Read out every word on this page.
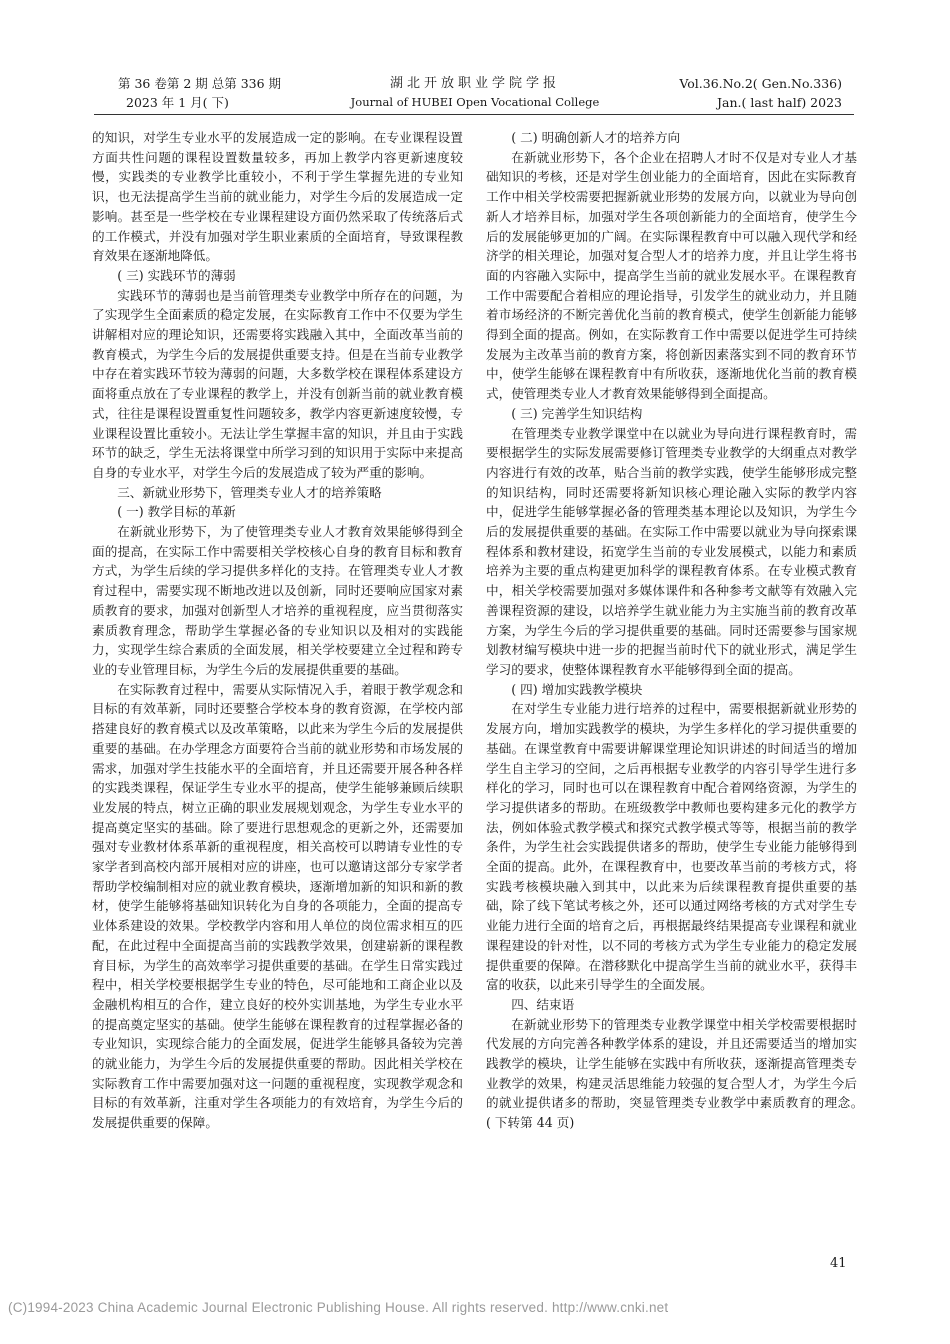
第 36 卷第 2 期 总第 336 期
2023 年 1 月( 下)
湖北开放职业学院学报
Journal of HUBEI Open Vocational College
Vol.36.No.2( Gen.No.336)
Jan.( last half) 2023

的知识，对学生专业水平的发展造成一定的影响。在专业课程设置方面共性问题的课程设置数量较多，再加上教学内容更新速度较慢，实践类的专业教学比重较小，不利于学生掌握先进的专业知识，也无法提高学生当前的就业能力，对学生今后的发展造成一定影响。甚至是一些学校在专业课程建设方面仍然采取了传统落后式的工作模式，并没有加强对学生职业素质的全面培育，导致课程教育效果在逐渐地降低。

( 三) 实践环节的薄弱

实践环节的薄弱也是当前管理类专业教学中所存在的问题，为了实现学生全面素质的稳定发展，在实际教育工作中不仅要为学生讲解相对应的理论知识，还需要将实践融入其中，全面改革当前的教育模式，为学生今后的发展提供重要支持。但是在当前专业教学中存在着实践环节较为薄弱的问题，大多数学校在课程体系建设方面将重点放在了专业课程的教学上，并没有创新当前的就业教育模式，往往是课程设置重复性问题较多，教学内容更新速度较慢，专业课程设置比重较小。无法让学生掌握丰富的知识，并且由于实践环节的缺乏，学生无法将课堂中所学习到的知识用于实际中来提高自身的专业水平，对学生今后的发展造成了较为严重的影响。

三、新就业形势下，管理类专业人才的培养策略

( 一) 教学目标的革新

在新就业形势下，为了使管理类专业人才教育效果能够得到全面的提高，在实际工作中需要相关学校核心自身的教育目标和教育方式，为学生后续的学习提供多样化的支持。在管理类专业人才教育过程中，需要实现不断地改进以及创新，同时还要响应国家对素质教育的要求，加强对创新型人才培养的重视程度，应当贯彻落实素质教育理念，帮助学生掌握必备的专业知识以及相对的实践能力，实现学生综合素质的全面发展，相关学校要建立全过程和跨专业的专业管理目标，为学生今后的发展提供重要的基础。

在实际教育过程中，需要从实际情况入手，着眼于教学观念和目标的有效革新，同时还要整合学校本身的教育资源，在学校内部搭建良好的教育模式以及改革策略，以此来为学生今后的发展提供重要的基础。在办学理念方面要符合当前的就业形势和市场发展的需求，加强对学生技能水平的全面培育，并且还需要开展各种各样的实践类课程，保证学生专业水平的提高，使学生能够兼顾后续职业发展的特点，树立正确的职业发展规划观念，为学生专业水平的提高奠定坚实的基础。除了要进行思想观念的更新之外，还需要加强对专业教材体系革新的重视程度，相关高校可以聘请专业性的专家学者到高校内部开展相对应的讲座，也可以邀请这部分专家学者帮助学校编制相对应的就业教育模块，逐渐增加新的知识和新的教材，使学生能够将基础知识转化为自身的各项能力，全面的提高专业体系建设的效果。学校教学内容和用人单位的岗位需求相互的匹配，在此过程中全面提高当前的实践教学效果，创建崭新的课程教育目标，为学生的高效率学习提供重要的基础。在学生日常实践过程中，相关学校要根据学生专业的特色，尽可能地和工商企业以及金融机构相互的合作，建立良好的校外实训基地，为学生专业水平的提高奠定坚实的基础。使学生能够在课程教育的过程掌握必备的专业知识，实现综合能力的全面发展，促进学生能够具备较为完善的就业能力，为学生今后的发展提供重要的帮助。因此相关学校在实际教育工作中需要加强对这一问题的重视程度，实现教学观念和目标的有效革新，注重对学生各项能力的有效培育，为学生今后的发展提供重要的保障。

( 二) 明确创新人才的培养方向

在新就业形势下，各个企业在招聘人才时不仅是对专业人才基础知识的考核，还是对学生创业能力的全面培育，因此在实际教育工作中相关学校需要把握新就业形势的发展方向，以就业为导向创新人才培养目标，加强对学生各项创新能力的全面培育，使学生今后的发展能够更加的广阔。在实际课程教育中可以融入现代学和经济学的相关理论，加强对复合型人才的培养力度，并且让学生将书面的内容融入实际中，提高学生当前的就业发展水平。在课程教育工作中需要配合着相应的理论指导，引发学生的就业动力，并且随着市场经济的不断完善优化当前的教育模式，使学生创新能力能够得到全面的提高。例如，在实际教育工作中需要以促进学生可持续发展为主改革当前的教育方案，将创新因素落实到不同的教育环节中，使学生能够在课程教育中有所收获，逐渐地优化当前的教育模式，使管理类专业人才教育效果能够得到全面提高。

( 三) 完善学生知识结构

在管理类专业教学课堂中在以就业为导向进行课程教育时，需要根据学生的实际发展需要修订管理类专业教学的大纲重点对教学内容进行有效的改革，贴合当前的教学实践，使学生能够形成完整的知识结构，同时还需要将新知识核心理论融入实际的教学内容中，促进学生能够掌握必备的管理类基本理论以及知识，为学生今后的发展提供重要的基础。在实际工作中需要以就业为导向探索课程体系和教材建设，拓宽学生当前的专业发展模式，以能力和素质培养为主要的重点构建更加科学的课程教育体系。在专业模式教育中，相关学校需要加强对多媒体课件和各种参考文献等有效融入完善课程资源的建设，以培养学生就业能力为主实施当前的教育改革方案，为学生今后的学习提供重要的基础。同时还需要参与国家规划教材编写模块中进一步的把握当前时代下的就业形式，满足学生学习的要求，使整体课程教育水平能够得到全面的提高。

( 四) 增加实践教学模块

在对学生专业能力进行培养的过程中，需要根据新就业形势的发展方向，增加实践教学的模块，为学生多样化的学习提供重要的基础。在课堂教育中需要讲解课堂理论知识讲述的时间适当的增加学生自主学习的空间，之后再根据专业教学的内容引导学生进行多样化的学习，同时也可以在课程教育中配合着网络资源，为学生的学习提供诸多的帮助。在班级教学中教师也要构建多元化的教学方法，例如体验式教学模式和探究式教学模式等等，根据当前的教学条件，为学生社会实践提供诸多的帮助，使学生专业能力能够得到全面的提高。此外，在课程教育中，也要改革当前的考核方式，将实践考核模块融入到其中，以此来为后续课程教育提供重要的基础，除了线下笔试考核之外，还可以通过网络考核的方式对学生专业能力进行全面的培育之后，再根据最终结果提高专业课程和就业课程建设的针对性，以不同的考核方式为学生专业能力的稳定发展提供重要的保障。在潜移默化中提高学生当前的就业水平，获得丰富的收获，以此来引导学生的全面发展。

四、结束语

在新就业形势下的管理类专业教学课堂中相关学校需要根据时代发展的方向完善各种教学体系的建设，并且还需要适当的增加实践教学的模块，让学生能够在实践中有所收获，逐渐提高管理类专业教学的效果，构建灵活思维能力较强的复合型人才，为学生今后的就业提供诸多的帮助，突显管理类专业教学中素质教育的理念。　　　( 下转第 44 页)

41
(C)1994-2023 China Academic Journal Electronic Publishing House. All rights reserved. http://www.cnki.net
